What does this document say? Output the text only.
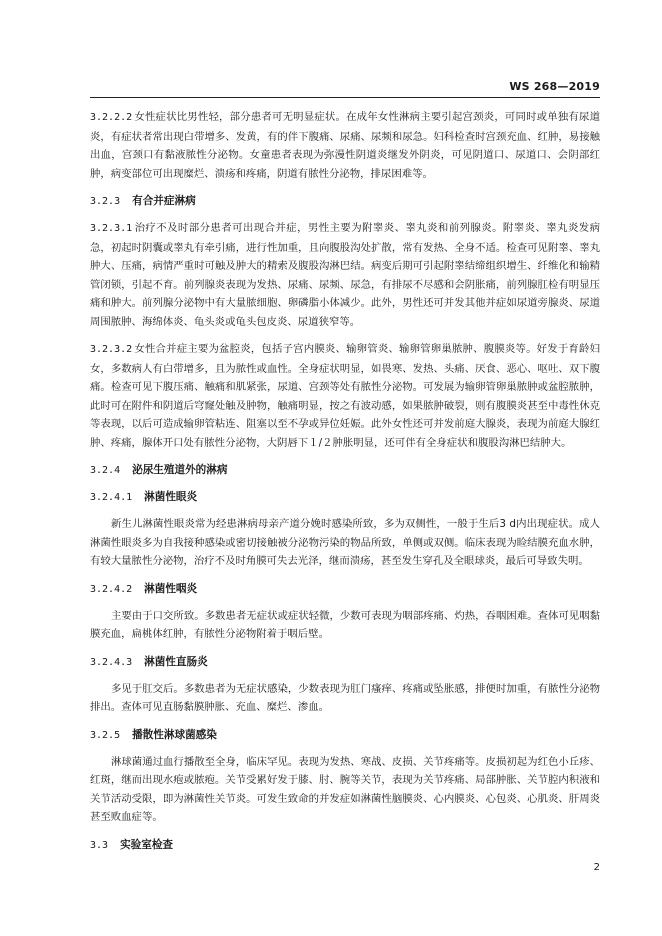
WS 268—2019

3.2.2.2 女性症状比男性轻，部分患者可无明显症状。在成年女性淋病主要引起宫颈炎，可同时或单独有尿道炎，有症状者常出现白带增多、发黄，有的伴下腹痛、尿痛、尿频和尿急。妇科检查时宫颈充血、红肿，易接触出血，宫颈口有黏液脓性分泌物。女童患者表现为弥漫性阴道炎继发外阴炎，可见阴道口、尿道口、会阴部红肿，病变部位可出现糜烂、溃疡和疼痛，阴道有脓性分泌物，排尿困难等。

3.2.3 有合并症淋病

3.2.3.1 治疗不及时部分患者可出现合并症，男性主要为附睾炎、睾丸炎和前列腺炎。附睾炎、睾丸炎发病急，初起时阴囊或睾丸有牵引痛，进行性加重，且向腹股沟处扩散，常有发热、全身不适。检查可见附睾、睾丸肿大、压痛，病情严重时可触及肿大的精索及腹股沟淋巴结。病变后期可引起附睾结缔组织增生、纤维化和输精管闭锁，引起不育。前列腺炎表现为发热、尿痛、尿频、尿急，有排尿不尽感和会阴胀痛，前列腺肛检有明显压痛和肿大。前列腺分泌物中有大量脓细胞、卵磷脂小体减少。此外，男性还可并发其他并症如尿道旁腺炎、尿道周围脓肿、海绵体炎、龟头炎或龟头包皮炎、尿道狭窄等。

3.2.3.2 女性合并症主要为盆腔炎，包括子宫内膜炎、输卵管炎、输卵管卵巢脓肿、腹膜炎等。好发于育龄妇女，多数病人有白带增多，且为脓性或血性。全身症状明显，如畏寒、发热、头痛、厌食、恶心、呕吐、双下腹痛。检查可见下腹压痛、触痛和肌紧张，尿道、宫颈等处有脓性分泌物。可发展为输卵管卵巢脓肿或盆腔脓肿，此时可在附件和阴道后穹窿处触及肿物，触痛明显，按之有波动感，如果脓肿破裂，则有腹膜炎甚至中毒性休克等表现，以后可造成输卵管粘连、阻塞以至不孕或异位妊娠。此外女性还可并发前庭大腺炎，表现为前庭大腺红肿、疼痛，腺体开口处有脓性分泌物，大阴唇下１/２肿胀明显，还可伴有全身症状和腹股沟淋巴结肿大。

3.2.4 泌尿生殖道外的淋病
3.2.4.1 淋菌性眼炎

新生儿淋菌性眼炎常为经患淋病母亲产道分娩时感染所致，多为双侧性，一般于生后3 d内出现症状。成人淋菌性眼炎多为自我接种感染或密切接触被分泌物污染的物品所致，单侧或双侧。临床表现为睑结膜充血水肿，有较大量脓性分泌物，治疗不及时角膜可失去光泽，继而溃疡，甚至发生穿孔及全眼球炎，最后可导致失明。

3.2.4.2 淋菌性咽炎

主要由于口交所致。多数患者无症状或症状轻微，少数可表现为咽部疼痛、灼热，吞咽困难。查体可见咽黏膜充血，扁桃体红肿，有脓性分泌物附着于咽后壁。

3.2.4.3 淋菌性直肠炎

多见于肛交后。多数患者为无症状感染，少数表现为肛门瘙痒、疼痛或坠胀感，排便时加重，有脓性分泌物排出。查体可见直肠黏膜肿胀、充血、糜烂、渗血。

3.2.5 播散性淋球菌感染

淋球菌通过血行播散至全身，临床罕见。表现为发热、寒战、皮损、关节疼痛等。皮损初起为红色小丘疹、红斑，继而出现水疱或脓疱。关节受累好发于膝、肘、腕等关节，表现为关节疼痛、局部肿胀、关节腔内积液和关节活动受限，即为淋菌性关节炎。可发生致命的并发症如淋菌性脑膜炎、心内膜炎、心包炎、心肌炎、肝周炎甚至败血症等。

3.3 实验室检查
2
